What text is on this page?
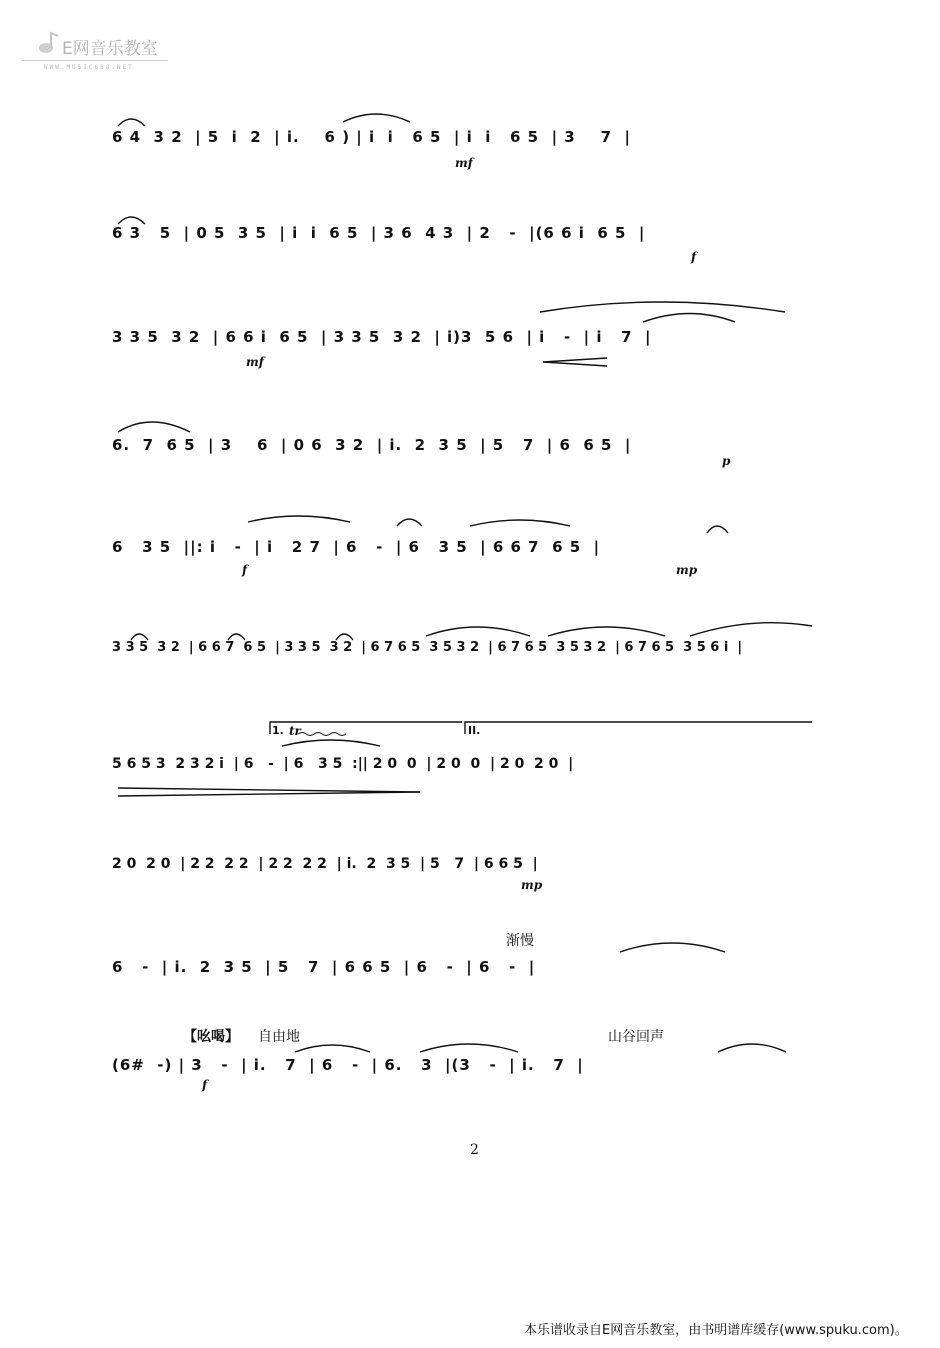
E网音乐教室
WWW.MUSIC888.NET
6 4  3 2  | 5  i  2  | i.    6 ) | i  i   6 5  | i  i   6 5  | 3    7  |
6 3   5  | 0 5  3 5  | i  i  6 5  | 3 6  4 3  | 2   -  |(6 6 i  6 5  |
3 3 5  3 2  | 6 6 i  6 5  | 3 3 5  3 2  | i)3  5 6  | i   -  | i   7  |
6.  7  6 5  | 3    6  | 0 6  3 2  | i.  2  3 5  | 5   7  | 6  6 5  |
6   3 5  ||: i   -  | i   2 7  | 6   -  | 6   3 5  | 6 6 7  6 5  |
3 3 5  3 2  | 6 6 7  6 5  | 3 3 5  3 2  | 6 7 6 5  3 5 3 2  | 6 7 6 5  3 5 3 2  | 6 7 6 5  3 5 6 i  |
5 6 5 3  2 3 2 i  | 6   -  | 6   3 5  :|| 2 0  0  | 2 0  0  | 2 0  2 0  |
2 0  2 0  | 2 2  2 2  | 2 2  2 2  | i.  2  3 5  | 5   7  | 6 6 5  |
6   -  | i.  2  3 5  | 5   7  | 6 6 5  | 6   -  | 6   -  |
(6#  -) | 3   -  | i.   7  | 6   -  | 6.   3  |(3   -  | i.   7  |
mf
f
mf
p
f	mp
mp
f
1. tr	II.
渐慢
【吆喝】 自由地	山谷回声
2
本乐谱收录自E网音乐教室，由书明谱库缓存(www.spuku.com)。
